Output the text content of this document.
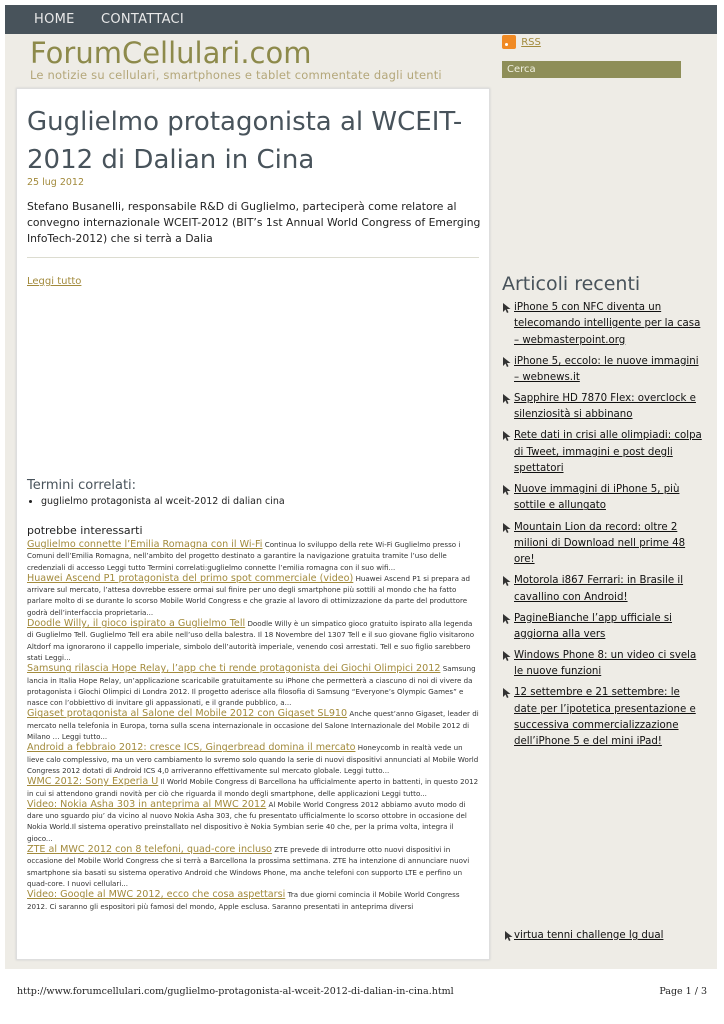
HOME CONTATTACI
ForumCellulari.com
Le notizie su cellulari, smartphones e tablet commentate dagli utenti
RSS
Cerca
Guglielmo protagonista al WCEIT-2012 di Dalian in Cina
25 lug 2012
Stefano Busanelli, responsabile R&D di Guglielmo, parteciperà come relatore al convegno internazionale WCEIT-2012 (BIT’s 1st Annual World Congress of Emerging InfoTech-2012) che si terrà a Dalia
Leggi tutto
Termini correlati:
• guglielmo protagonista al wceit-2012 di dalian cina
potrebbe interessarti

Guglielmo connette l’Emilia Romagna con il Wi-Fi Continua lo sviluppo della rete Wi-Fi Guglielmo presso i Comuni dell’Emilia Romagna, nell’ambito del progetto destinato a garantire la navigazione gratuita tramite l’uso delle credenziali di accesso Leggi tutto Termini correlati:guglielmo connette l’emilia romagna con il suo wifi...

Huawei Ascend P1 protagonista del primo spot commerciale (video) Huawei Ascend P1 si prepara ad arrivare sul mercato, l’attesa dovrebbe essere ormai sul finire per uno degli smartphone più sottili al mondo che ha fatto parlare molto di se durante lo scorso Mobile World Congress e che grazie al lavoro di ottimizzazione da parte del produttore godrà dell’interfaccia proprietaria...

Doodle Willy, il gioco ispirato a Guglielmo Tell Doodle Willy è un simpatico gioco gratuito ispirato alla legenda di Guglielmo Tell. Guglielmo Tell era abile nell’uso della balestra. Il 18 Novembre del 1307 Tell e il suo giovane figlio visitarono Altdorf ma ignorarono il cappello imperiale, simbolo dell’autorità imperiale, venendo così arrestati. Tell e suo figlio sarebbero stati Leggi...

Samsung rilascia Hope Relay, l’app che ti rende protagonista dei Giochi Olimpici 2012 Samsung lancia in Italia Hope Relay, un’applicazione scaricabile gratuitamente su iPhone che permetterà a ciascuno di noi di vivere da protagonista i Giochi Olimpici di Londra 2012. Il progetto aderisce alla filosofia di Samsung “Everyone’s Olympic Games” e nasce con l’obbiettivo di invitare gli appassionati, e il grande pubblico, a...

Gigaset protagonista al Salone del Mobile 2012 con Gigaset SL910 Anche quest’anno Gigaset, leader di mercato nella telefonia in Europa, torna sulla scena internazionale in occasione del Salone Internazionale del Mobile 2012 di Milano … Leggi tutto...

Android a febbraio 2012: cresce ICS, Gingerbread domina il mercato Honeycomb in realtà vede un lieve calo complessivo, ma un vero cambiamento lo svremo solo quando la serie di nuovi dispositivi annunciati al Mobile World Congress 2012 dotati di Android ICS 4,0 arriveranno effettivamente sul mercato globale. Leggi tutto...

WMC 2012: Sony Experia U Il World Mobile Congress di Barcellona ha ufficialmente aperto in battenti, in questo 2012 in cui si attendono grandi novità per ciò che riguarda il mondo degli smartphone, delle applicazioni Leggi tutto...

Video: Nokia Asha 303 in anteprima al MWC 2012 Al Mobile World Congress 2012 abbiamo avuto modo di dare uno sguardo piu’ da vicino al nuovo Nokia Asha 303, che fu presentato ufficialmente lo scorso ottobre in occasione del Nokia World.Il sistema operativo preinstallato nel dispositivo è Nokia Symbian serie 40 che, per la prima volta, integra il gioco...

ZTE al MWC 2012 con 8 telefoni, quad-core incluso ZTE prevede di introdurre otto nuovi dispositivi in occasione del Mobile World Congress che si terrà a Barcellona la prossima settimana. ZTE ha intenzione di annunciare nuovi smartphone sia basati su sistema operativo Android che Windows Phone, ma anche telefoni con supporto LTE e perfino un quad-core. I nuovi cellulari...

Video: Google al MWC 2012, ecco che cosa aspettarsi Tra due giorni comincia il Mobile World Congress 2012. Ci saranno gli espositori più famosi del mondo, Apple esclusa. Saranno presentati in anteprima diversi

Articoli recenti
iPhone 5 con NFC diventa un telecomando intelligente per la casa – webmasterpoint.org
iPhone 5, eccolo: le nuove immagini – webnews.it
Sapphire HD 7870 Flex: overclock e silenziosità si abbinano
Rete dati in crisi alle olimpiadi: colpa di Tweet, immagini e post degli spettatori
Nuove immagini di iPhone 5, più sottile e allungato
Mountain Lion da record: oltre 2 milioni di Download nell prime 48 ore!
Motorola i867 Ferrari: in Brasile il cavallino con Android!
PagineBianche l’app ufficiale si aggiorna alla vers
Windows Phone 8: un video ci svela le nuove funzioni
12 settembre e 21 settembre: le date per l’ipotetica presentazione e successiva commercializzazione dell’iPhone 5 e del mini iPad!
virtua tenni challenge lg dual
http://www.forumcellulari.com/guglielmo-protagonista-al-wceit-2012-di-dalian-in-cina.html	Page 1 / 3
